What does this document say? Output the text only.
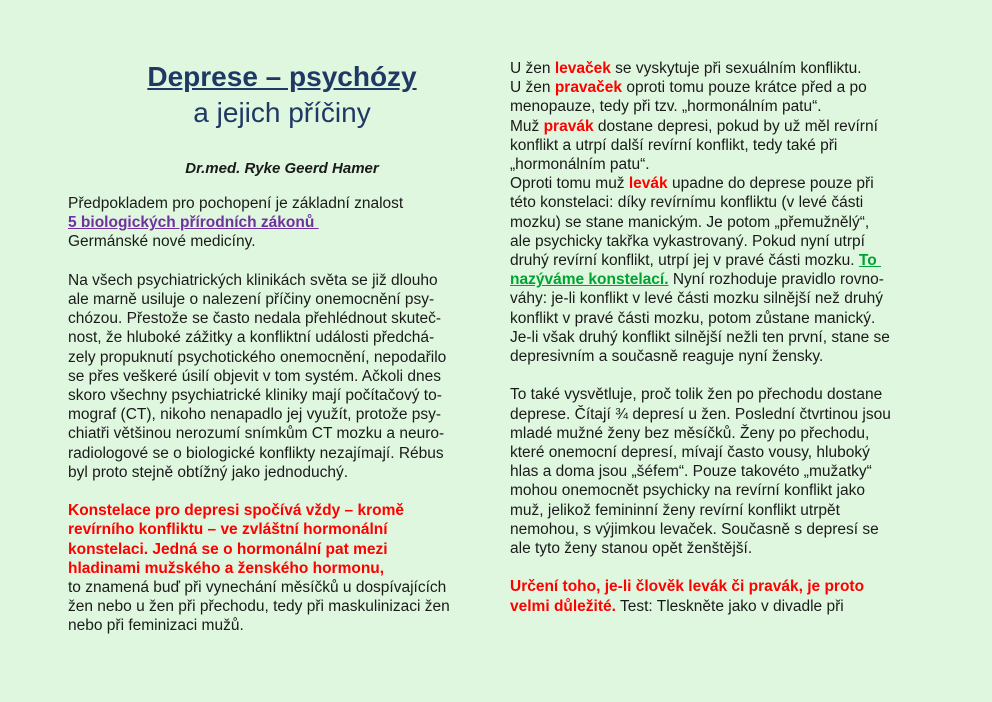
Deprese – psychózy
a jejich příčiny
Dr.med. Ryke Geerd Hamer
Předpokladem pro pochopení je základní znalost
5 biologických přírodních zákonů
Germánské nové medicíny.
Na všech psychiatrických klinikách světa se již dlouho
ale marně usiluje o nalezení příčiny onemocnění psy-
chózou. Přestože se často nedala přehlédnout skuteč-
nost, že hluboké zážitky a konfliktní události předchá-
zely propuknutí psychotického onemocnění, nepodařilo
se přes veškeré úsilí objevit v tom systém. Ačkoli dnes
skoro všechny psychiatrické kliniky mají počítačový to-
mograf (CT), nikoho nenapadlo jej využít, protože psy-
chiatři většinou nerozumí snímkům CT mozku a neuro-
radiologové se o biologické konflikty nezajímají. Rébus
byl proto stejně obtížný jako jednoduchý.
Konstelace pro depresi spočívá vždy – kromě
revírního konfliktu – ve zvláštní hormonální
konstelaci. Jedná se o hormonální pat mezi
hladinami mužského a ženského hormonu,
to znamená buď při vynechání měsíčků u dospívajících
žen nebo u žen při přechodu, tedy při maskulinizaci žen
nebo při feminizaci mužů.
U žen levaček se vyskytuje při sexuálním konfliktu.
U žen pravaček oproti tomu pouze krátce před a po
menopauze, tedy při tzv. „hormonálním patu“.
Muž pravák dostane depresi, pokud by už měl revírní
konflikt a utrpí další revírní konflikt, tedy také při
„hormonálním patu“.
Oproti tomu muž levák upadne do deprese pouze při
této konstelaci: díky revírnímu konfliktu (v levé části
mozku) se stane manickým. Je potom „přemužnělý“,
ale psychicky takřka vykastrovaný. Pokud nyní utrpí
druhý revírní konflikt, utrpí jej v pravé části mozku. To
nazýváme konstelací. Nyní rozhoduje pravidlo rovno-
váhy: je-li konflikt v levé části mozku silnější než druhý
konflikt v pravé části mozku, potom zůstane manický.
Je-li však druhý konflikt silnější nežli ten první, stane se
depresivním a současně reaguje nyní žensky.
To také vysvětluje, proč tolik žen po přechodu dostane
deprese. Čítají ¾ depresí u žen. Poslední čtvrtinou jsou
mladé mužné ženy bez měsíčků. Ženy po přechodu,
které onemocní depresí, mívají často vousy, hluboký
hlas a doma jsou „šéfem“. Pouze takovéto „mužatky“
mohou onemocnět psychicky na revírní konflikt jako
muž, jelikož femininní ženy revírní konflikt utrpět
nemohou, s výjimkou levaček. Současně s depresí se
ale tyto ženy stanou opět ženštější.
Určení toho, je-li člověk levák či pravák, je proto
velmi důležité. Test: Tleskněte jako v divadle při
